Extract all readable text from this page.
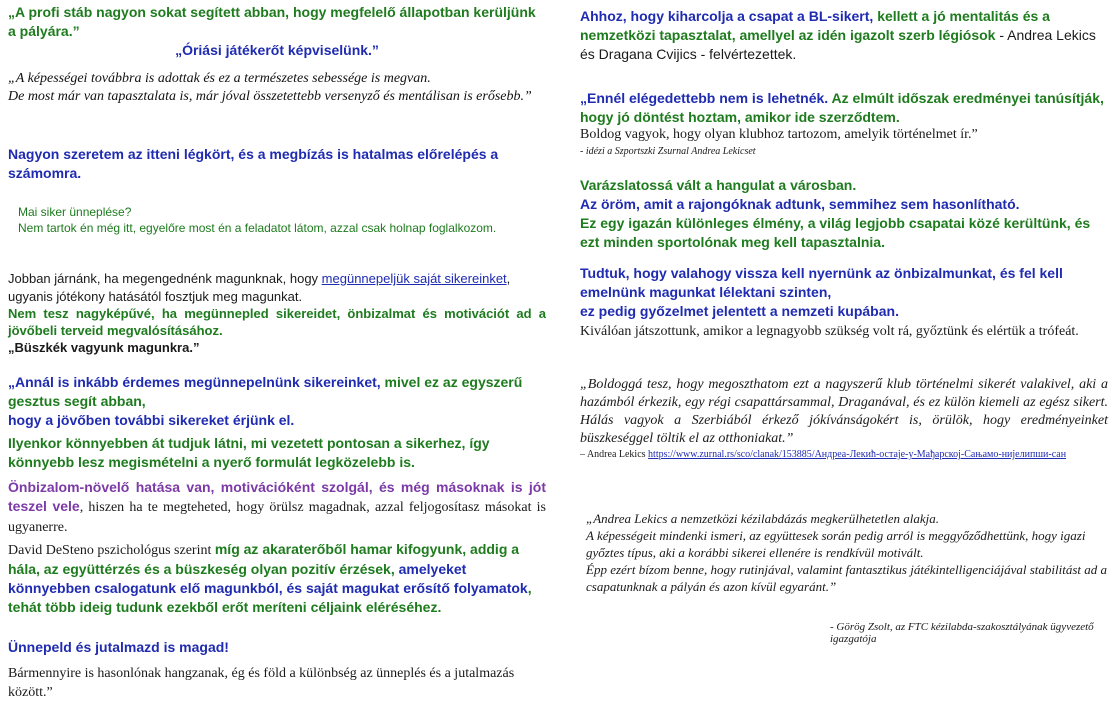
„A profi stáb nagyon sokat segített abban, hogy megfelelő állapotban kerüljünk a pályára.”
„Óriási játékerőt képviselünk.”
„A képességei továbbra is adottak és ez a természetes sebessége is megvan.
De most már van tapasztalata is, már jóval összetettebb versenyző és mentálisan is erősebb.”
Nagyon szeretem az itteni légkört, és a megbízás is hatalmas előrelépés a számomra.
Mai siker ünneplése?
Nem tartok én még itt, egyelőre most én a feladatot látom, azzal csak holnap foglalkozom.
Jobban járnánk, ha megengednénk magunknak, hogy megünnepeljük saját sikereinket, ugyanis jótékony hatásától fosztjuk meg magunkat.
Nem tesz nagyképűvé, ha megünnepled sikereidet, önbizalmat és motivációt ad a jövőbeli terveid megvalósításához.
„Büszkék vagyunk magunkra.”
„Annál is inkább érdemes megünnepelnünk sikereinket, mivel ez az egyszerű gesztus segít abban,
hogy a jövőben további sikereket érjünk el.
Ilyenkor könnyebben át tudjuk látni, mi vezetett pontosan a sikerhez, így könnyebb lesz megismételni a nyerő formulát legközelebb is.
Önbizalom-növelő hatása van, motivációként szolgál, és még másoknak is jót teszel vele, hiszen ha te megteheted, hogy örülsz magadnak, azzal feljogosítasz másokat is ugyanerre.
David DeSteno pszichológus szerint míg az akaraterőből hamar kifogyunk, addig a hála, az együttérzés és a büszkeség olyan pozitív érzések, amelyeket könnyebben csalogatunk elő magunkból, és saját magukat erősítő folyamatok, tehát több ideig tudunk ezekből erőt meríteni céljaink eléréséhez.
Ünnepeld és jutalmazd is magad!
Bármennyire is hasonlónak hangzanak, ég és föld a különbség az ünneplés és a jutalmazás között.”
Ahhoz, hogy kiharcolja a csapat a BL-sikert, kellett a jó mentalitás és a nemzetközi tapasztalat, amellyel az idén igazolt szerb légiósok - Andrea Lekics és Dragana Cvijics - felvértezettek.
„Ennél elégedettebb nem is lehetnék. Az elmúlt időszak eredményei tanúsítják, hogy jó döntést hoztam, amikor ide szerződtem.
Boldog vagyok, hogy olyan klubhoz tartozom, amelyik történelmet ír.”
- idézi a Szportszki Zsurnal Andrea Lekicset
Varázslatossá vált a hangulat a városban.
Az öröm, amit a rajongóknak adtunk, semmihez sem hasonlítható.
Ez egy igazán különleges élmény, a világ legjobb csapatai közé kerültünk, és ezt minden sportolónak meg kell tapasztalnia.
Tudtuk, hogy valahogy vissza kell nyernünk az önbizalmunkat, és fel kell emelnünk magunkat lélektani szinten,
ez pedig győzelmet jelentett a nemzeti kupában.
Kiválóan játszottunk, amikor a legnagyobb szükség volt rá, győztünk és elértük a trófeát.
„Boldoggá tesz, hogy megoszthatom ezt a nagyszerű klub történelmi sikerét valakivel, aki a hazámból érkezik, egy régi csapattársammal, Draganával, és ez külön kiemeli az egész sikert. Hálás vagyok a Szerbiából érkező jókívánságokért is, örülök, hogy eredményeinket büszkeséggel töltik el az otthoniakat.”
– Andrea Lekics https://www.zurnal.rs/sco/clanak/153885/Андреа-Лекић-остаје-у-Мађарској-Сањамо-нијелипши-сан
„Andrea Lekics a nemzetközi kézilabdázás megkerülhetetlen alakja.
A képességeit mindenki ismeri, az együttesek során pedig arról is meggyőződhettünk, hogy igazi győztes típus, aki a korábbi sikerei ellenére is rendkívül motivált.
Épp ezért bízom benne, hogy rutinjával, valamint fantasztikus játékintelligenciájával stabilitást ad a csapatunknak a pályán és azon kívül egyaránt.”
- Görög Zsolt, az FTC kézilabda-szakosztályának ügyvezető igazgatója
